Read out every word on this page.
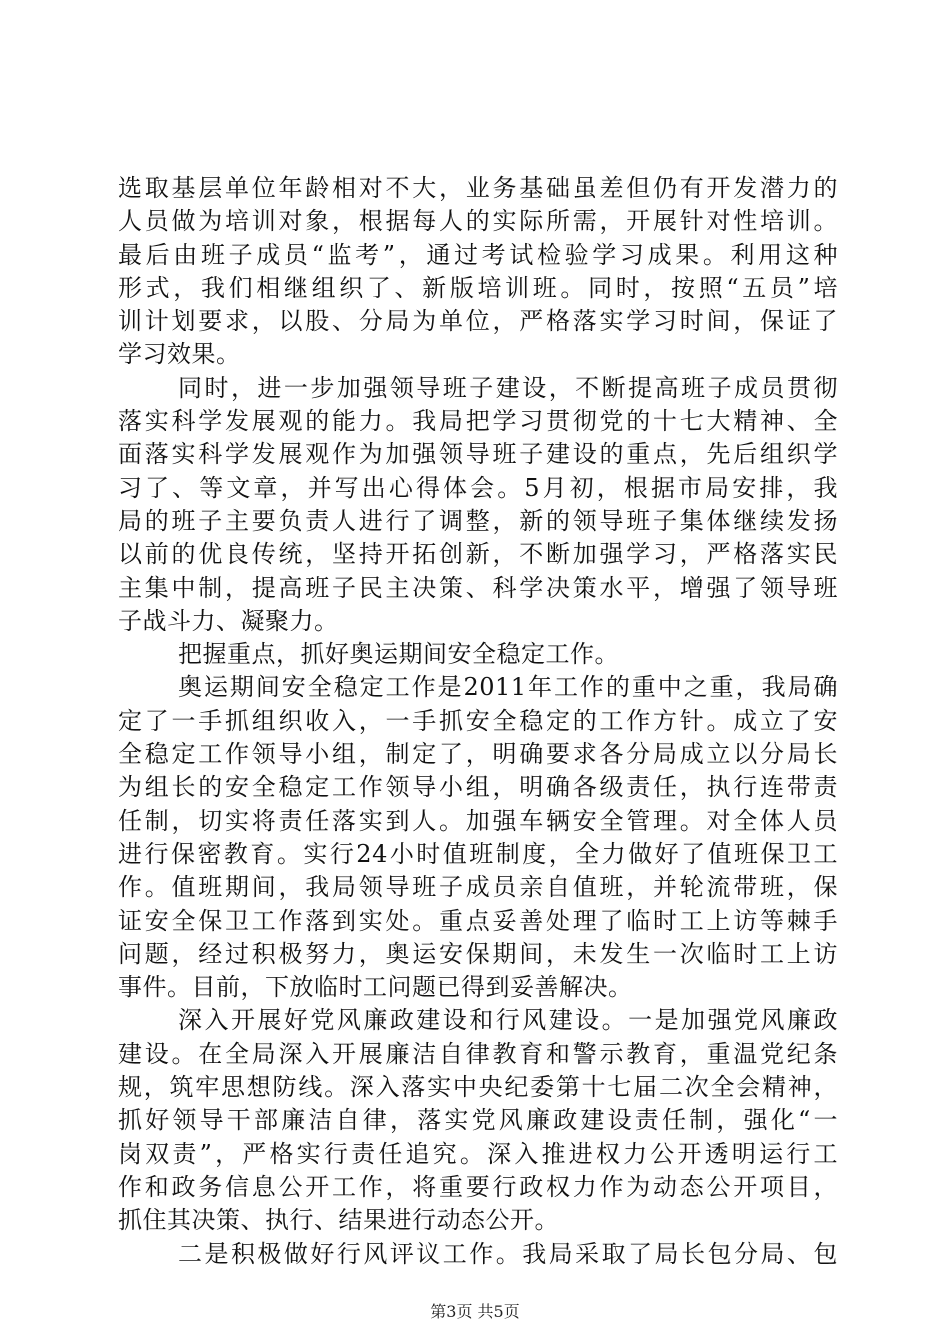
选取基层单位年龄相对不大，业务基础虽差但仍有开发潜力的
人员做为培训对象，根据每人的实际所需，开展针对性培训。
最后由班子成员“监考”，通过考试检验学习成果。利用这种
形式，我们相继组织了、新版培训班。同时，按照“五员”培
训计划要求，以股、分局为单位，严格落实学习时间，保证了
学习效果。
同时，进一步加强领导班子建设，不断提高班子成员贯彻
落实科学发展观的能力。我局把学习贯彻党的十七大精神、全
面落实科学发展观作为加强领导班子建设的重点，先后组织学
习了、等文章，并写出心得体会。5月初，根据市局安排，我
局的班子主要负责人进行了调整，新的领导班子集体继续发扬
以前的优良传统，坚持开拓创新，不断加强学习，严格落实民
主集中制，提高班子民主决策、科学决策水平，增强了领导班
子战斗力、凝聚力。
把握重点，抓好奥运期间安全稳定工作。
奥运期间安全稳定工作是2011年工作的重中之重，我局确
定了一手抓组织收入，一手抓安全稳定的工作方针。成立了安
全稳定工作领导小组，制定了，明确要求各分局成立以分局长
为组长的安全稳定工作领导小组，明确各级责任，执行连带责
任制，切实将责任落实到人。加强车辆安全管理。对全体人员
进行保密教育。实行24小时值班制度，全力做好了值班保卫工
作。值班期间，我局领导班子成员亲自值班，并轮流带班，保
证安全保卫工作落到实处。重点妥善处理了临时工上访等棘手
问题，经过积极努力，奥运安保期间，未发生一次临时工上访
事件。目前，下放临时工问题已得到妥善解决。
深入开展好党风廉政建设和行风建设。一是加强党风廉政
建设。在全局深入开展廉洁自律教育和警示教育，重温党纪条
规，筑牢思想防线。深入落实中央纪委第十七届二次全会精神，
抓好领导干部廉洁自律，落实党风廉政建设责任制，强化“一
岗双责”，严格实行责任追究。深入推进权力公开透明运行工
作和政务信息公开工作，将重要行政权力作为动态公开项目，
抓住其决策、执行、结果进行动态公开。
二是积极做好行风评议工作。我局采取了局长包分局、包
第3页 共5页
